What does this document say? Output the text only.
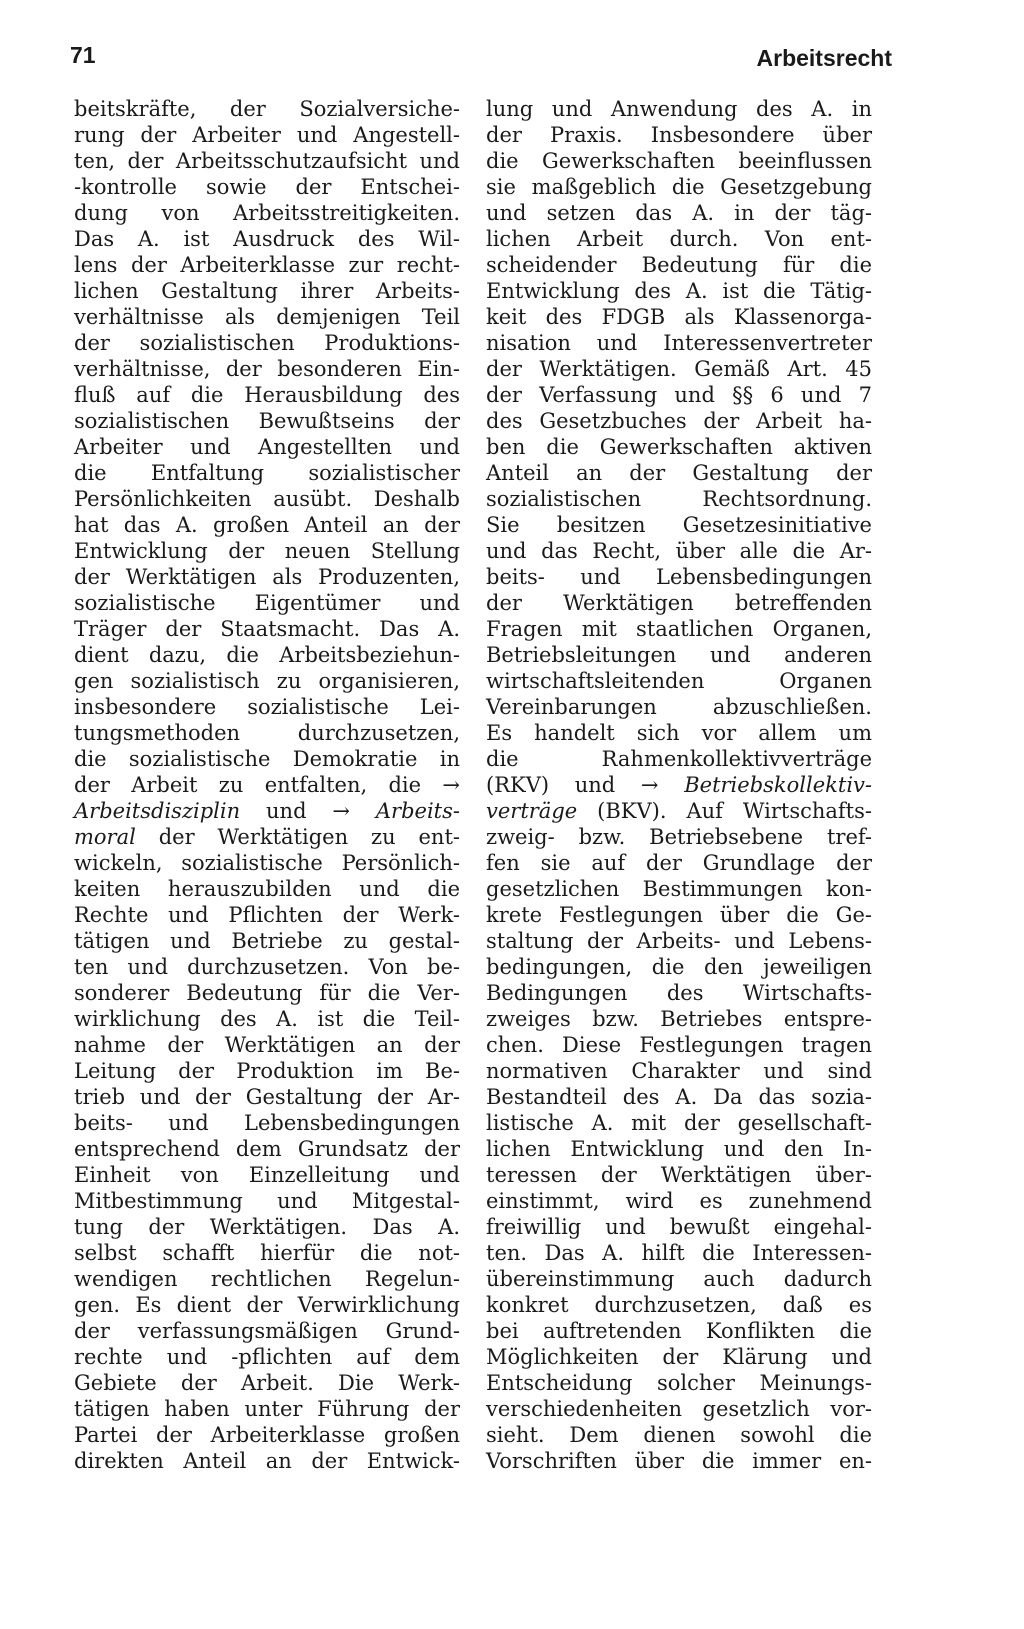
71	Arbeitsrecht
beitskräfte, der Sozialversiche-
rung der Arbeiter und Angestell-
ten, der Arbeitsschutzaufsicht und
-kontrolle sowie der Entschei-
dung von Arbeitsstreitigkeiten.
Das A. ist Ausdruck des Wil-
lens der Arbeiterklasse zur recht-
lichen Gestaltung ihrer Arbeits-
verhältnisse als demjenigen Teil
der sozialistischen Produktions-
verhältnisse, der besonderen Ein-
fluß auf die Herausbildung des
sozialistischen Bewußtseins der
Arbeiter und Angestellten und
die Entfaltung sozialistischer
Persönlichkeiten ausübt. Deshalb
hat das A. großen Anteil an der
Entwicklung der neuen Stellung
der Werktätigen als Produzenten,
sozialistische Eigentümer und
Träger der Staatsmacht. Das A.
dient dazu, die Arbeitsbeziehun-
gen sozialistisch zu organisieren,
insbesondere sozialistische Lei-
tungsmethoden durchzusetzen,
die sozialistische Demokratie in
der Arbeit zu entfalten, die →
Arbeitsdisziplin und → Arbeits-
moral der Werktätigen zu ent-
wickeln, sozialistische Persönlich-
keiten herauszubilden und die
Rechte und Pflichten der Werk-
tätigen und Betriebe zu gestal-
ten und durchzusetzen. Von be-
sonderer Bedeutung für die Ver-
wirklichung des A. ist die Teil-
nahme der Werktätigen an der
Leitung der Produktion im Be-
trieb und der Gestaltung der Ar-
beits- und Lebensbedingungen
entsprechend dem Grundsatz der
Einheit von Einzelleitung und
Mitbestimmung und Mitgestal-
tung der Werktätigen. Das A.
selbst schafft hierfür die not-
wendigen rechtlichen Regelun-
gen. Es dient der Verwirklichung
der verfassungsmäßigen Grund-
rechte und -pflichten auf dem
Gebiete der Arbeit. Die Werk-
tätigen haben unter Führung der
Partei der Arbeiterklasse großen
direkten Anteil an der Entwick-
lung und Anwendung des A. in
der Praxis. Insbesondere über
die Gewerkschaften beeinflussen
sie maßgeblich die Gesetzgebung
und setzen das A. in der täg-
lichen Arbeit durch. Von ent-
scheidender Bedeutung für die
Entwicklung des A. ist die Tätig-
keit des FDGB als Klassenorga-
nisation und Interessenvertreter
der Werktätigen. Gemäß Art. 45
der Verfassung und §§ 6 und 7
des Gesetzbuches der Arbeit ha-
ben die Gewerkschaften aktiven
Anteil an der Gestaltung der
sozialistischen Rechtsordnung.
Sie besitzen Gesetzesinitiative
und das Recht, über alle die Ar-
beits- und Lebensbedingungen
der Werktätigen betreffenden
Fragen mit staatlichen Organen,
Betriebsleitungen und anderen
wirtschaftsleitenden Organen
Vereinbarungen abzuschließen.
Es handelt sich vor allem um
die Rahmenkollektivverträge
(RKV) und → Betriebskollektiv-
verträge (BKV). Auf Wirtschafts-
zweig- bzw. Betriebsebene tref-
fen sie auf der Grundlage der
gesetzlichen Bestimmungen kon-
krete Festlegungen über die Ge-
staltung der Arbeits- und Lebens-
bedingungen, die den jeweiligen
Bedingungen des Wirtschafts-
zweiges bzw. Betriebes entspre-
chen. Diese Festlegungen tragen
normativen Charakter und sind
Bestandteil des A. Da das sozia-
listische A. mit der gesellschaft-
lichen Entwicklung und den In-
teressen der Werktätigen über-
einstimmt, wird es zunehmend
freiwillig und bewußt eingehal-
ten. Das A. hilft die Interessen-
übereinstimmung auch dadurch
konkret durchzusetzen, daß es
bei auftretenden Konflikten die
Möglichkeiten der Klärung und
Entscheidung solcher Meinungs-
verschiedenheiten gesetzlich vor-
sieht. Dem dienen sowohl die
Vorschriften über die immer en-
